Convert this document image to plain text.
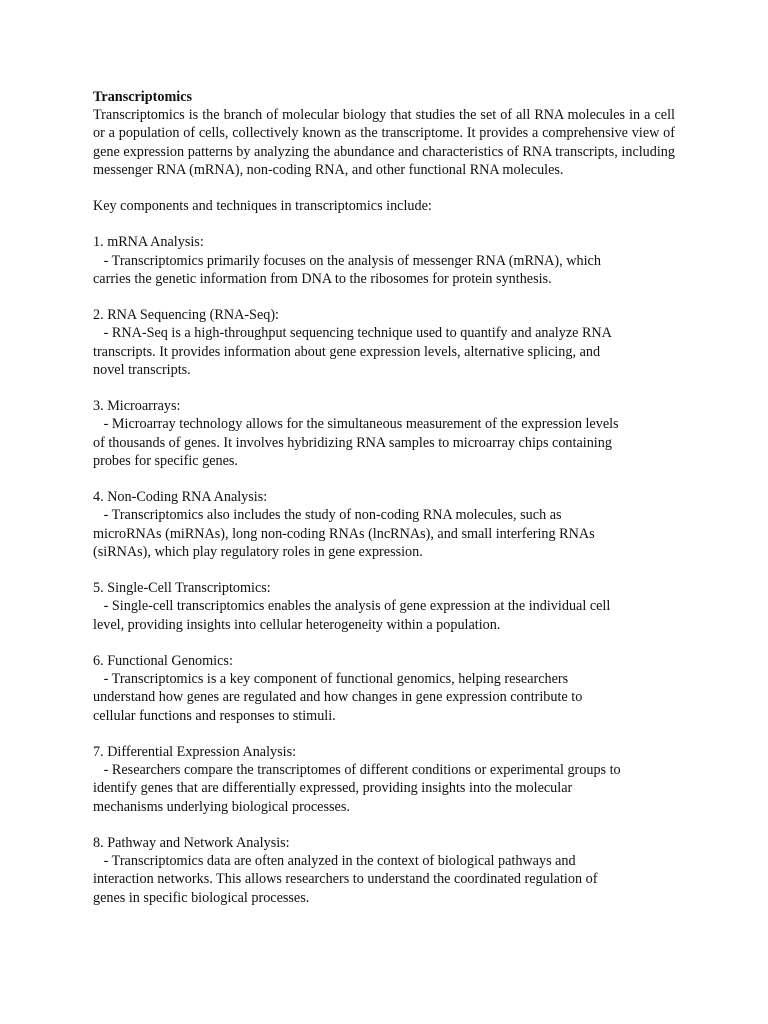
Transcriptomics

Transcriptomics is the branch of molecular biology that studies the set of all RNA molecules in a cell or a population of cells, collectively known as the transcriptome. It provides a comprehensive view of gene expression patterns by analyzing the abundance and characteristics of RNA transcripts, including messenger RNA (mRNA), non-coding RNA, and other functional RNA molecules.

Key components and techniques in transcriptomics include:

1. mRNA Analysis:

- Transcriptomics primarily focuses on the analysis of messenger RNA (mRNA), which
carries the genetic information from DNA to the ribosomes for protein synthesis.

2. RNA Sequencing (RNA-Seq):

- RNA-Seq is a high-throughput sequencing technique used to quantify and analyze RNA
transcripts. It provides information about gene expression levels, alternative splicing, and
novel transcripts.

3. Microarrays:

- Microarray technology allows for the simultaneous measurement of the expression levels
of thousands of genes. It involves hybridizing RNA samples to microarray chips containing
probes for specific genes.

4. Non-Coding RNA Analysis:

- Transcriptomics also includes the study of non-coding RNA molecules, such as
microRNAs (miRNAs), long non-coding RNAs (lncRNAs), and small interfering RNAs
(siRNAs), which play regulatory roles in gene expression.

5. Single-Cell Transcriptomics:

- Single-cell transcriptomics enables the analysis of gene expression at the individual cell
level, providing insights into cellular heterogeneity within a population.

6. Functional Genomics:

- Transcriptomics is a key component of functional genomics, helping researchers
understand how genes are regulated and how changes in gene expression contribute to
cellular functions and responses to stimuli.

7. Differential Expression Analysis:

- Researchers compare the transcriptomes of different conditions or experimental groups to
identify genes that are differentially expressed, providing insights into the molecular
mechanisms underlying biological processes.

8. Pathway and Network Analysis:

- Transcriptomics data are often analyzed in the context of biological pathways and
interaction networks. This allows researchers to understand the coordinated regulation of
genes in specific biological processes.
